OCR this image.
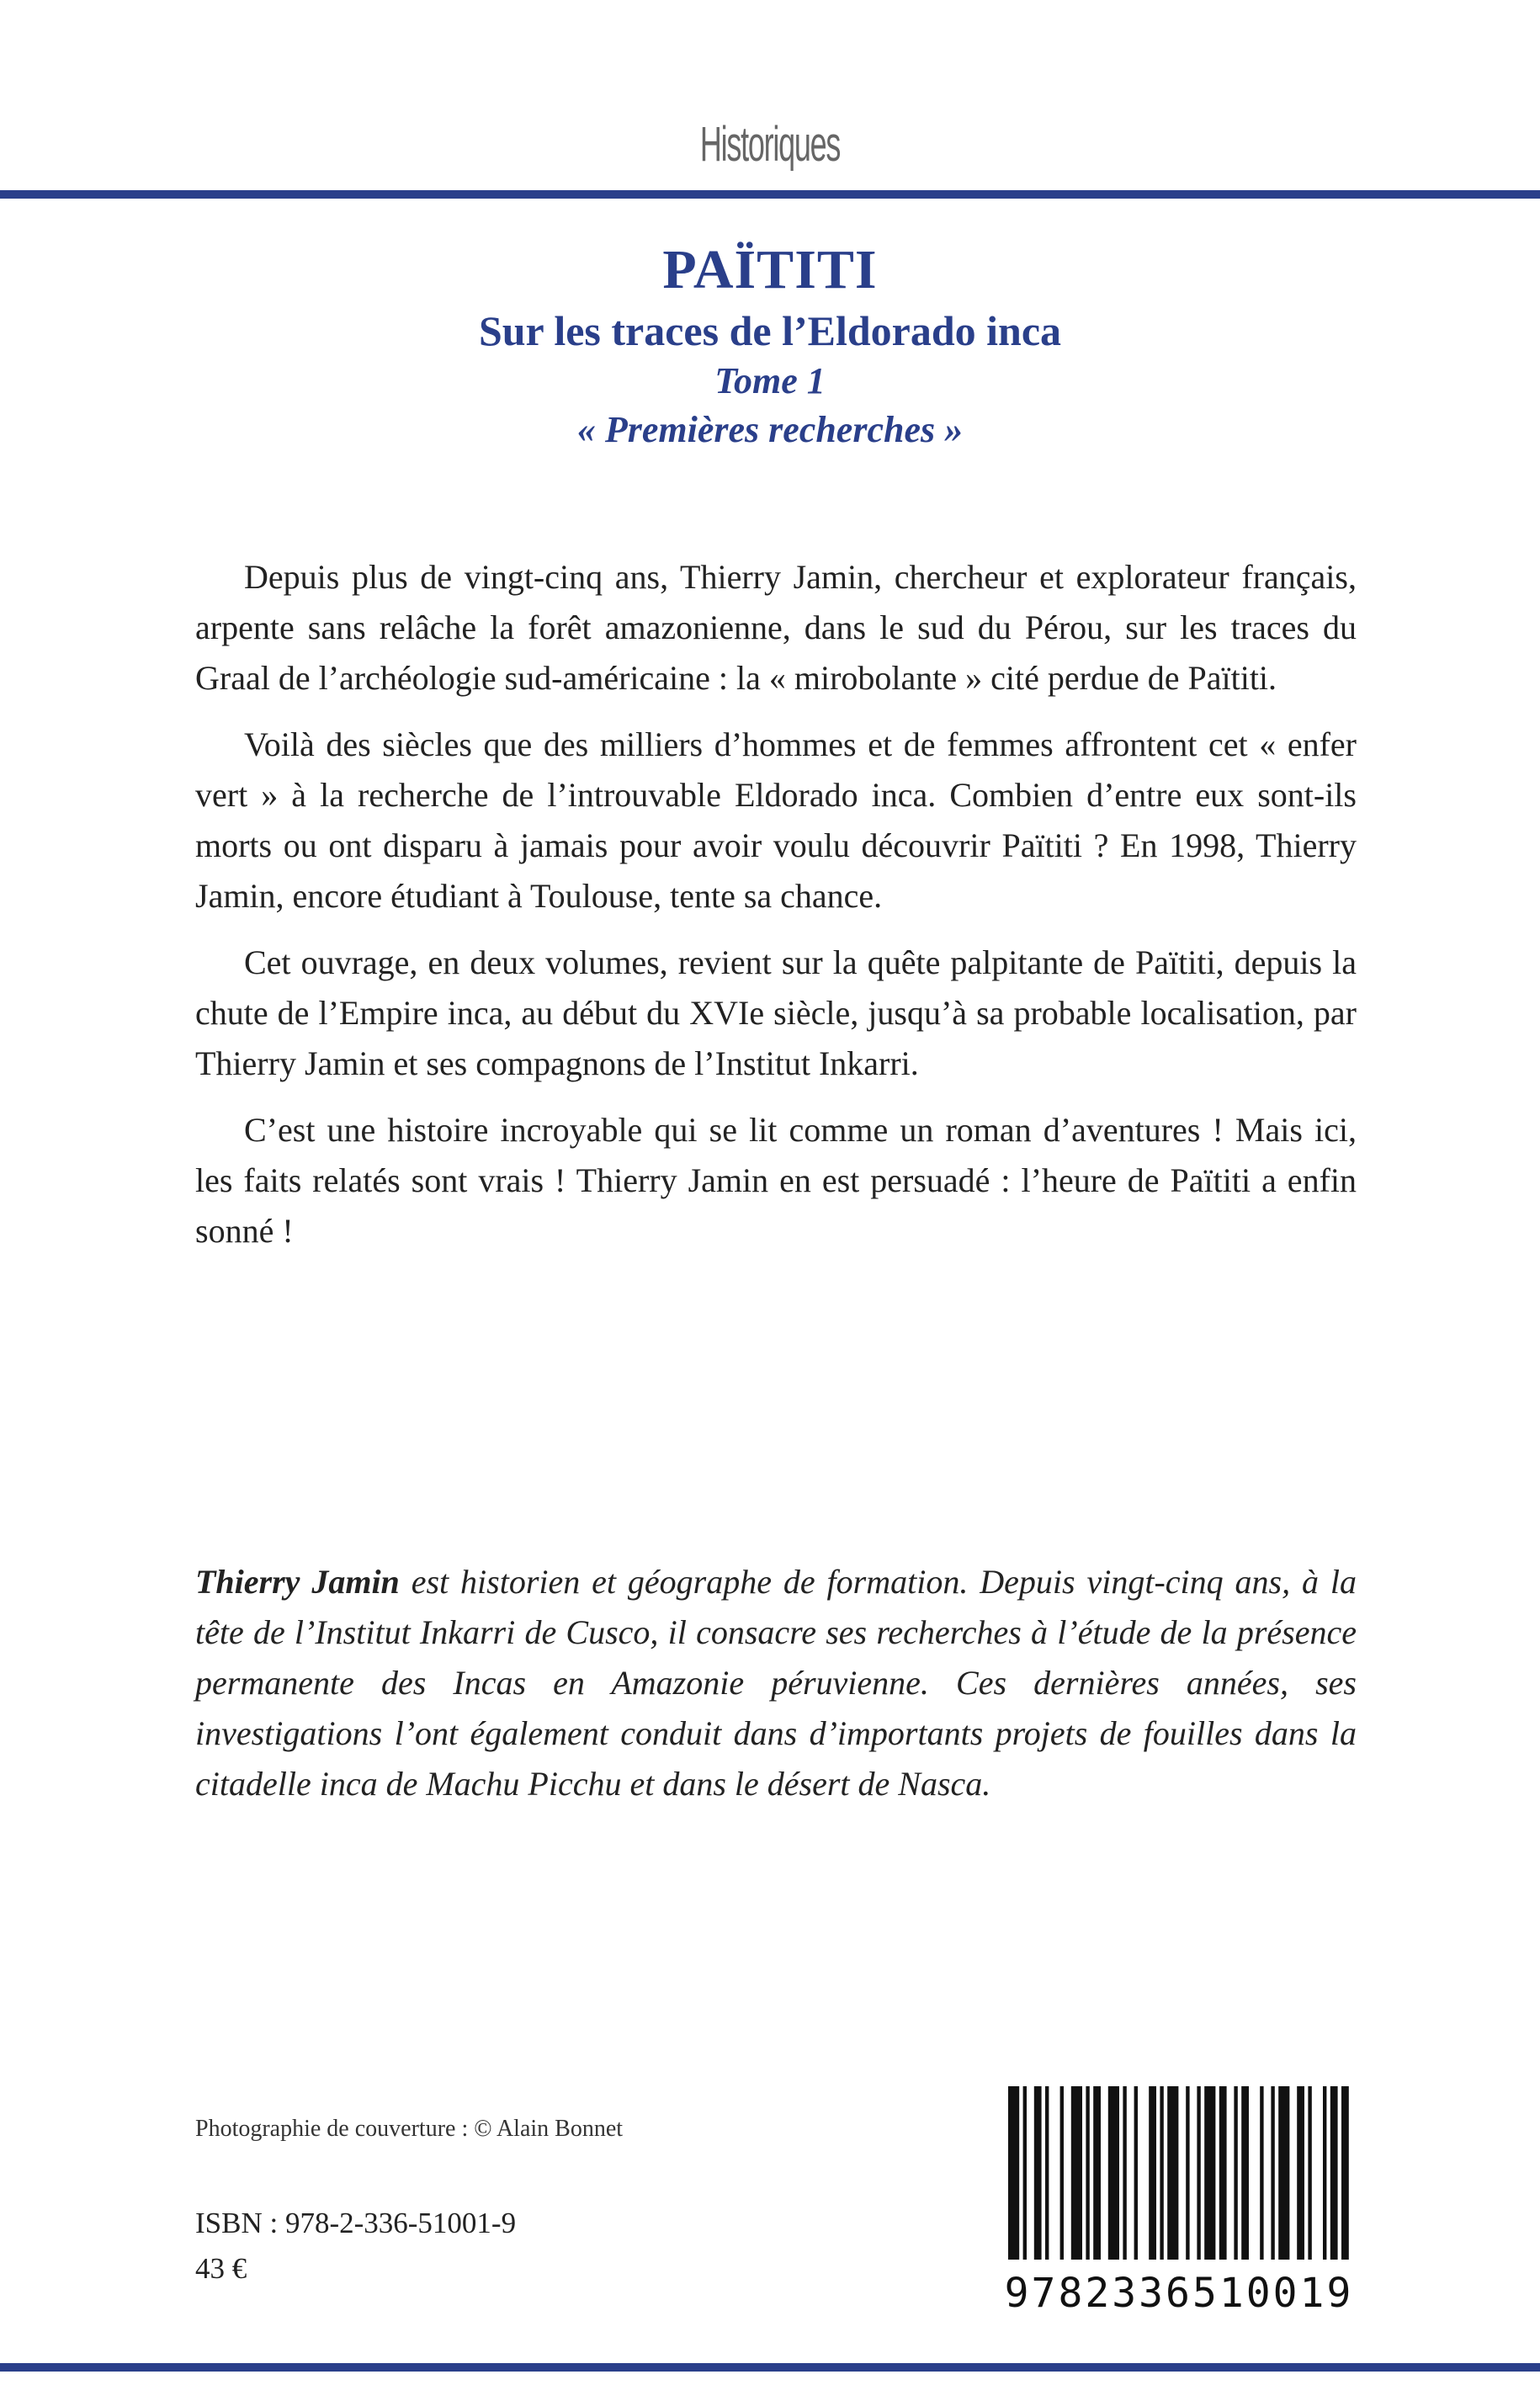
Historiques
PAÏTITI
Sur les traces de l’Eldorado inca
Tome 1
« Premières recherches »

Depuis plus de vingt-cinq ans, Thierry Jamin, chercheur et explorateur français, arpente sans relâche la forêt amazonienne, dans le sud du Pérou, sur les traces du Graal de l’archéologie sud-américaine : la « mirobolante » cité perdue de Païtiti.

Voilà des siècles que des milliers d’hommes et de femmes affrontent cet « enfer vert » à la recherche de l’introuvable Eldorado inca. Combien d’entre eux sont-ils morts ou ont disparu à jamais pour avoir voulu découvrir Païtiti ? En 1998, Thierry Jamin, encore étudiant à Toulouse, tente sa chance.

Cet ouvrage, en deux volumes, revient sur la quête palpitante de Païtiti, depuis la chute de l’Empire inca, au début du XVIe siècle, jusqu’à sa probable localisation, par Thierry Jamin et ses compagnons de l’Institut Inkarri.

C’est une histoire incroyable qui se lit comme un roman d’aventures ! Mais ici, les faits relatés sont vrais ! Thierry Jamin en est persuadé : l’heure de Païtiti a enfin sonné !

Thierry Jamin est historien et géographe de formation. Depuis vingt-cinq ans, à la tête de l’Institut Inkarri de Cusco, il consacre ses recherches à l’étude de la présence permanente des Incas en Amazonie péruvienne. Ces dernières années, ses investigations l’ont également conduit dans d’importants projets de fouilles dans la citadelle inca de Machu Picchu et dans le désert de Nasca.

Photographie de couverture : © Alain Bonnet
ISBN : 978-2-336-51001-9
43 €
9782336510019
